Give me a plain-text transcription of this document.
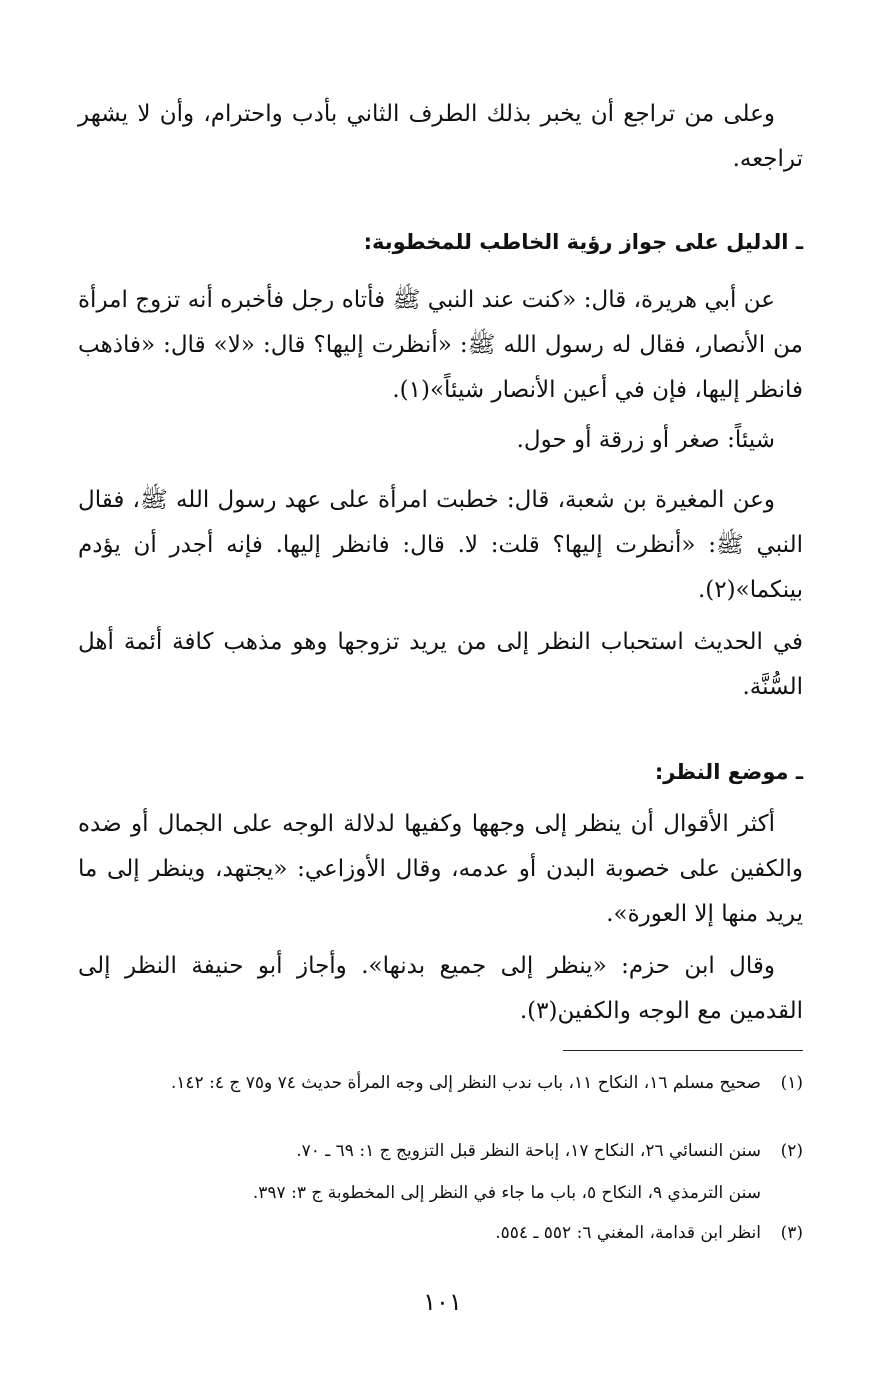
وعلى من تراجع أن يخبر بذلك الطرف الثاني بأدب واحترام، وأن لا يشهر تراجعه.

ـ الدليل على جواز رؤية الخاطب للمخطوبة:

عن أبي هريرة، قال: «كنت عند النبي ﷺ فأتاه رجل فأخبره أنه تزوج امرأة من الأنصار، فقال له رسول الله ﷺ: «أنظرت إليها؟ قال: «لا» قال: «فاذهب فانظر إليها، فإن في أعين الأنصار شيئاً»(١).

شيئاً: صغر أو زرقة أو حول.

وعن المغيرة بن شعبة، قال: خطبت امرأة على عهد رسول الله ﷺ، فقال النبي ﷺ: «أنظرت إليها؟ قلت: لا. قال: فانظر إليها. فإنه أجدر أن يؤدم بينكما»(٢).

في الحديث استحباب النظر إلى من يريد تزوجها وهو مذهب كافة أئمة أهل السُّنَّة.

ـ موضع النظر:

أكثر الأقوال أن ينظر إلى وجهها وكفيها لدلالة الوجه على الجمال أو ضده والكفين على خصوبة البدن أو عدمه، وقال الأوزاعي: «يجتهد، وينظر إلى ما يريد منها إلا العورة».

وقال ابن حزم: «ينظر إلى جميع بدنها». وأجاز أبو حنيفة النظر إلى القدمين مع الوجه والكفين(٣).

(١)صحيح مسلم ١٦، النكاح ١١، باب ندب النظر إلى وجه المرأة حديث ٧٤ و٧٥ ج ٤: ١٤٢.

(٢)سنن النسائي ٢٦، النكاح ١٧، إباحة النظر قبل التزويج ج ١: ٦٩ ـ ٧٠.

سنن الترمذي ٩، النكاح ٥، باب ما جاء في النظر إلى المخطوبة ج ٣: ٣٩٧.

(٣)انظر ابن قدامة، المغني ٦: ٥٥٢ ـ ٥٥٤.

١٠١
